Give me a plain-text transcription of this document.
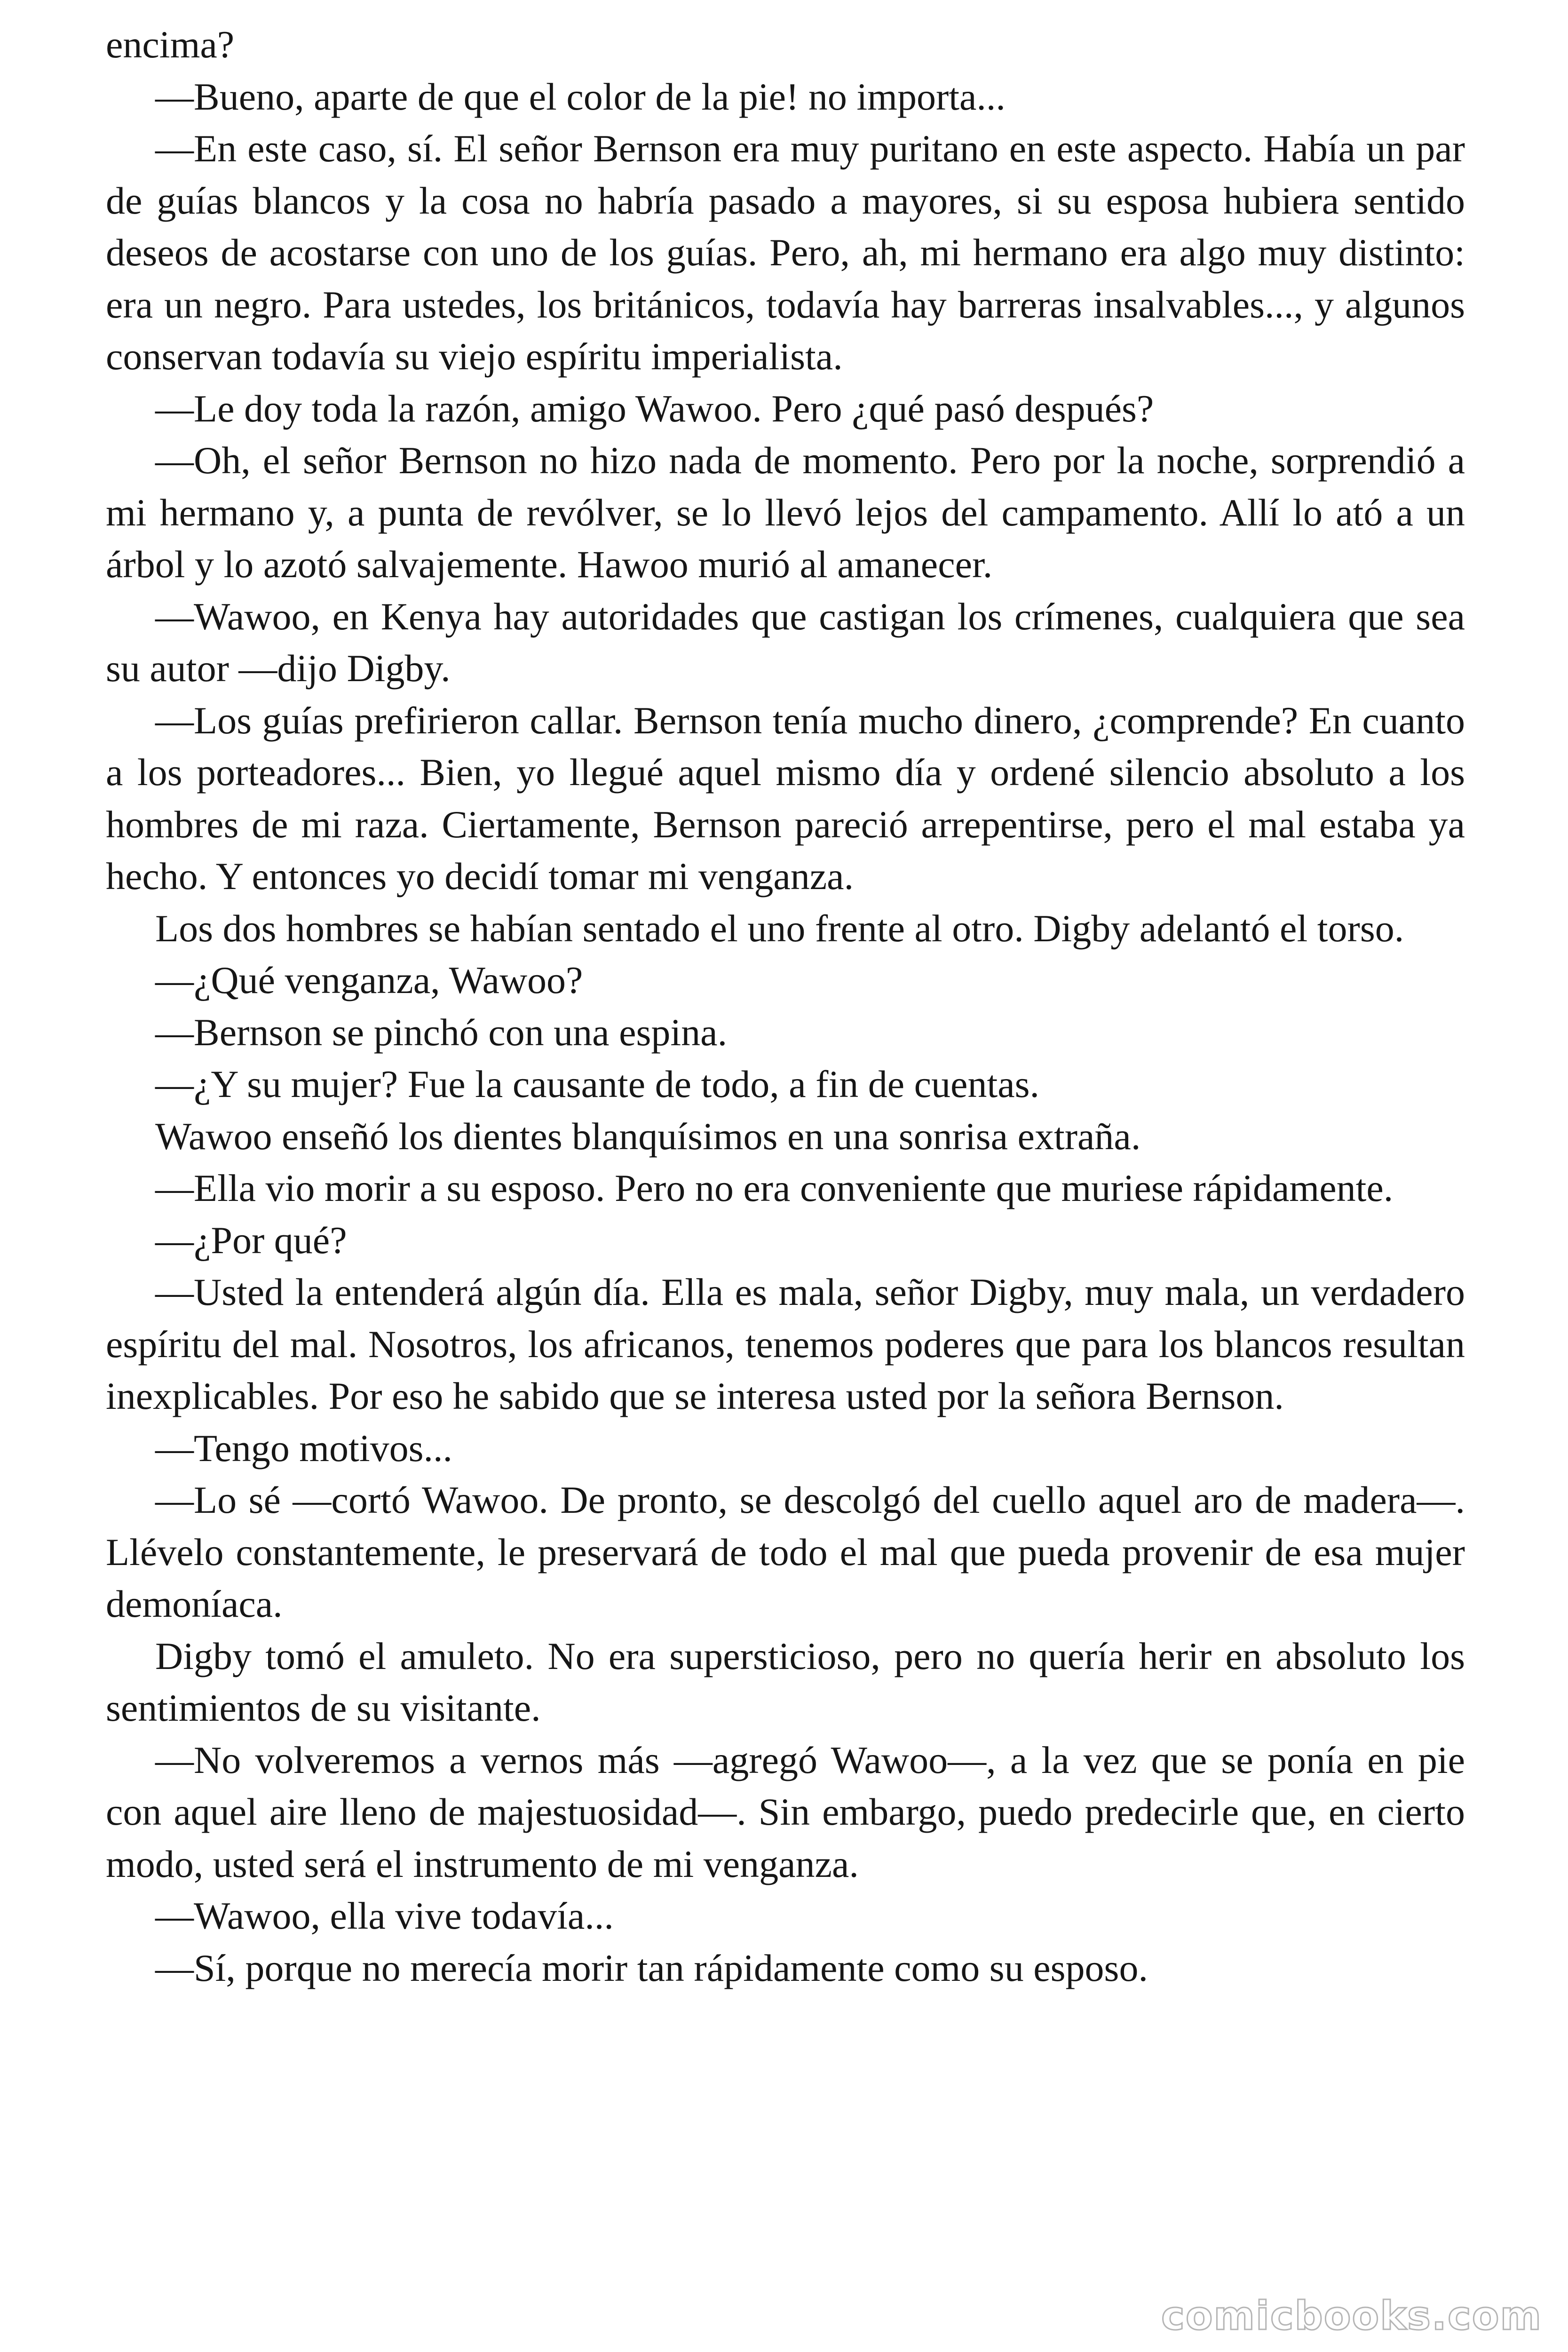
encima?

—Bueno, aparte de que el color de la pie! no importa...

—En este caso, sí. El señor Bernson era muy puritano en este aspecto. Había un par de guías blancos y la cosa no habría pasado a mayores, si su esposa hubiera sentido deseos de acostarse con uno de los guías. Pero, ah, mi hermano era algo muy distinto: era un negro. Para ustedes, los británicos, todavía hay barreras insalvables..., y algunos conservan todavía su viejo espíritu imperialista.

—Le doy toda la razón, amigo Wawoo. Pero ¿qué pasó después?

—Oh, el señor Bernson no hizo nada de momento. Pero por la noche, sorprendió a mi hermano y, a punta de revólver, se lo llevó lejos del campamento. Allí lo ató a un árbol y lo azotó salvajemente. Hawoo murió al amanecer.

—Wawoo, en Kenya hay autoridades que castigan los crímenes, cualquiera que sea su autor —dijo Digby.

—Los guías prefirieron callar. Bernson tenía mucho dinero, ¿comprende? En cuanto a los porteadores... Bien, yo llegué aquel mismo día y ordené silencio absoluto a los hombres de mi raza. Ciertamente, Bernson pareció arrepentirse, pero el mal estaba ya hecho. Y entonces yo decidí tomar mi venganza.

Los dos hombres se habían sentado el uno frente al otro. Digby adelantó el torso.

—¿Qué venganza, Wawoo?

—Bernson se pinchó con una espina.

—¿Y su mujer? Fue la causante de todo, a fin de cuentas.

Wawoo enseñó los dientes blanquísimos en una sonrisa extraña.

—Ella vio morir a su esposo. Pero no era conveniente que muriese rápidamente.

—¿Por qué?

—Usted la entenderá algún día. Ella es mala, señor Digby, muy mala, un verdadero espíritu del mal. Nosotros, los africanos, tenemos poderes que para los blancos resultan inexplicables. Por eso he sabido que se interesa usted por la señora Bernson.

—Tengo motivos...

—Lo sé —cortó Wawoo. De pronto, se descolgó del cuello aquel aro de madera—. Llévelo constantemente, le preservará de todo el mal que pueda provenir de esa mujer demoníaca.

Digby tomó el amuleto. No era supersticioso, pero no quería herir en absoluto los sentimientos de su visitante.

—No volveremos a vernos más —agregó Wawoo—, a la vez que se ponía en pie con aquel aire lleno de majestuosidad—. Sin embargo, puedo predecirle que, en cierto modo, usted será el instrumento de mi venganza.

—Wawoo, ella vive todavía...

—Sí, porque no merecía morir tan rápidamente como su esposo.

comicbooks.com
